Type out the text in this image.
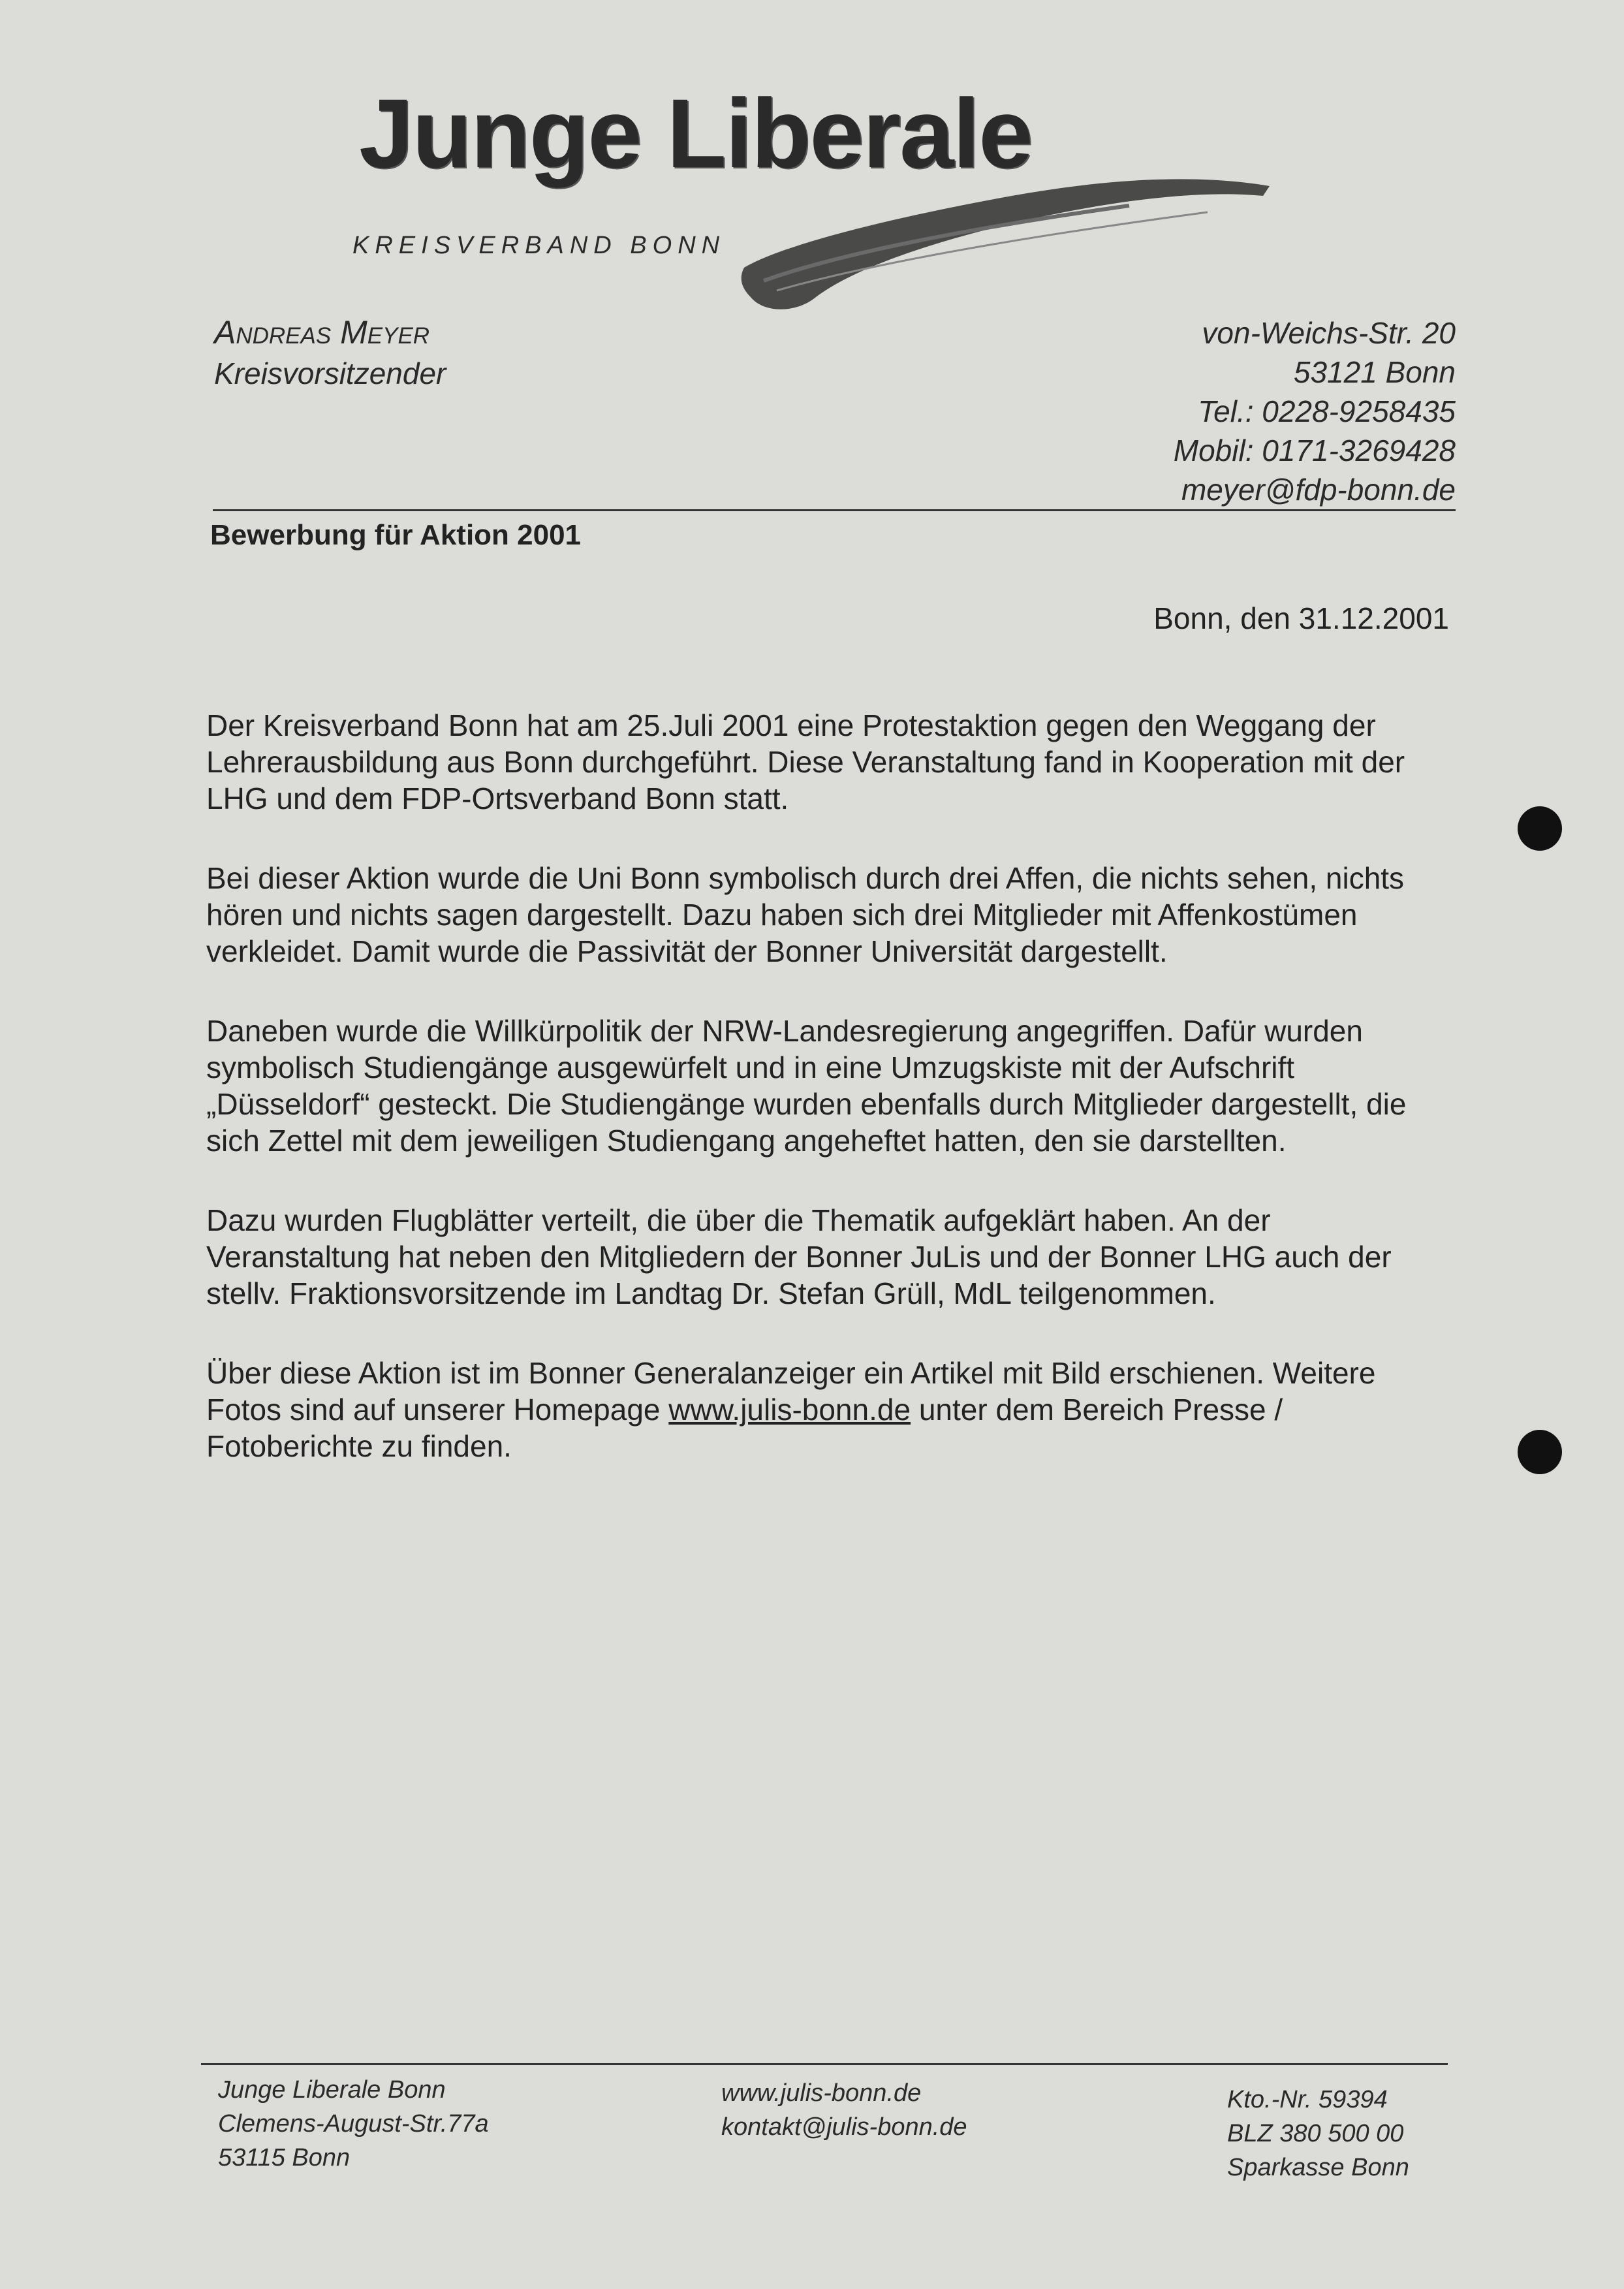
Junge Liberale
KREISVERBAND BONN
Andreas Meyer
Kreisvorsitzender
von-Weichs-Str. 20
53121 Bonn
Tel.: 0228-9258435
Mobil: 0171-3269428
meyer@fdp-bonn.de
Bewerbung für Aktion 2001
Bonn, den 31.12.2001

Der Kreisverband Bonn hat am 25.Juli 2001 eine Protestaktion gegen den Weggang der Lehrerausbildung aus Bonn durchgeführt. Diese Veranstaltung fand in Kooperation mit der LHG und dem FDP-Ortsverband Bonn statt.

Bei dieser Aktion wurde die Uni Bonn symbolisch durch drei Affen, die nichts sehen, nichts hören und nichts sagen dargestellt. Dazu haben sich drei Mitglieder mit Affenkostümen verkleidet. Damit wurde die Passivität der Bonner Universität dargestellt.

Daneben wurde die Willkürpolitik der NRW-Landesregierung angegriffen. Dafür wurden symbolisch Studiengänge ausgewürfelt und in eine Umzugskiste mit der Aufschrift „Düsseldorf“ gesteckt. Die Studiengänge wurden ebenfalls durch Mitglieder dargestellt, die sich Zettel mit dem jeweiligen Studiengang angeheftet hatten, den sie darstellten.

Dazu wurden Flugblätter verteilt, die über die Thematik aufgeklärt haben. An der Veranstaltung hat neben den Mitgliedern der Bonner JuLis und der Bonner LHG auch der stellv. Fraktionsvorsitzende im Landtag Dr. Stefan Grüll, MdL teilgenommen.

Über diese Aktion ist im Bonner Generalanzeiger ein Artikel mit Bild erschienen. Weitere Fotos sind auf unserer Homepage www.julis-bonn.de unter dem Bereich Presse / Fotoberichte zu finden.

Junge Liberale Bonn
Clemens-August-Str.77a
53115 Bonn
www.julis-bonn.de
kontakt@julis-bonn.de
Kto.-Nr. 59394
BLZ 380 500 00
Sparkasse Bonn
